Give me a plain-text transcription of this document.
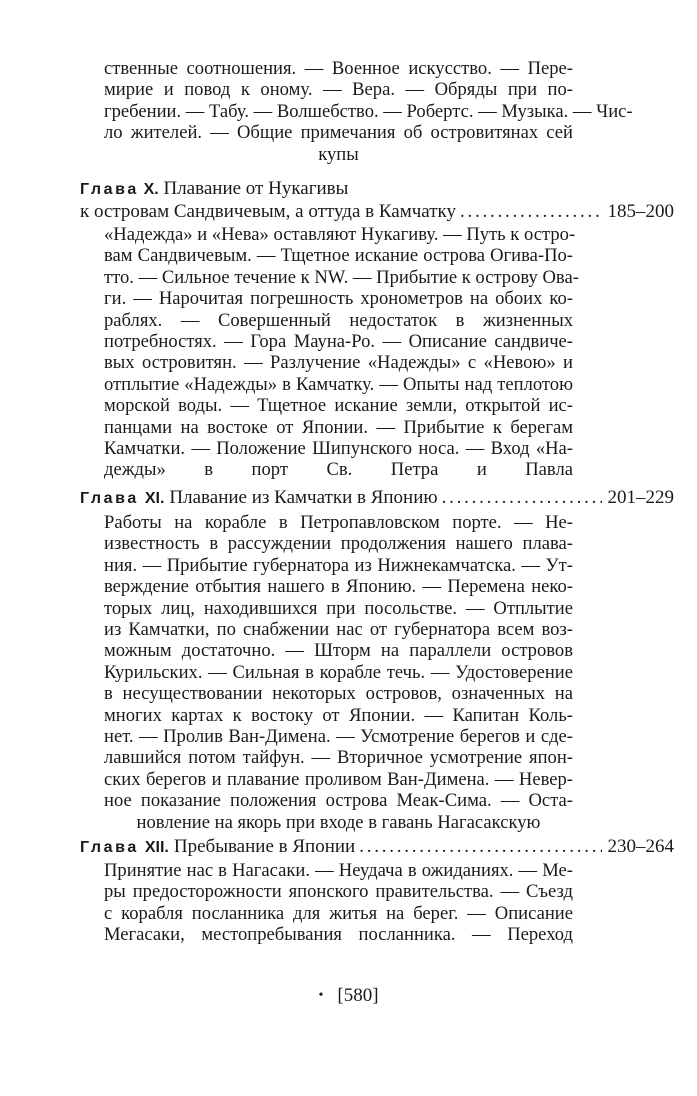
ственные соотношения. — Военное искусство. — Пере-
мирие и повод к оному. — Вера. — Обряды при по-
гребении. — Табу. — Волшебство. — Робертс. — Музыка. — Чис-
ло жителей. — Общие примечания об островитянах сей
купы
Глава X. Плавание от Нукагивы
к островам Сандвичевым, а оттуда в Камчатку . . .	185–200
«Надежда» и «Нева» оставляют Нукагиву. — Путь к остро-
вам Сандвичевым. — Тщетное искание острова Огива-По-
тто. — Сильное течение к NW. — Прибытие к острову Ова-
ги. — Нарочитая погрешность хронометров на обоих ко-
раблях. — Совершенный недостаток в жизненных
потребностях. — Гора Мауна-Ро. — Описание сандвиче-
вых островитян. — Разлучение «Надежды» с «Невою» и
отплытие «Надежды» в Камчатку. — Опыты над теплотою
морской воды. — Тщетное искание земли, открытой ис-
панцами на востоке от Японии. — Прибытие к берегам
Камчатки. — Положение Шипунского носа. — Вход «На-
дежды» в порт Св. Петра и Павла
Глава XI. Плавание из Камчатки в Японию . . .	201–229
Работы на корабле в Петропавловском порте. — Не-
известность в рассуждении продолжения нашего плава-
ния. — Прибытие губернатора из Нижнекамчатска. — Ут-
верждение отбытия нашего в Японию. — Перемена неко-
торых лиц, находившихся при посольстве. — Отплытие
из Камчатки, по снабжении нас от губернатора всем воз-
можным достаточно. — Шторм на параллели островов
Курильских. — Сильная в корабле течь. — Удостоверение
в несуществовании некоторых островов, означенных на
многих картах к востоку от Японии. — Капитан Коль-
нет. — Пролив Ван-Димена. — Усмотрение берегов и сде-
лавшийся потом тайфун. — Вторичное усмотрение япон-
ских берегов и плавание проливом Ван-Димена. — Невер-
ное показание положения острова Меак-Сима. — Оста-
новление на якорь при входе в гавань Нагасакскую
Глава XII. Пребывание в Японии . . .	230–264
Принятие нас в Нагасаки. — Неудача в ожиданиях. — Ме-
ры предосторожности японского правительства. — Съезд
с корабля посланника для житья на берег. — Описание
Мегасаки, местопребывания посланника. — Переход
• [580]
